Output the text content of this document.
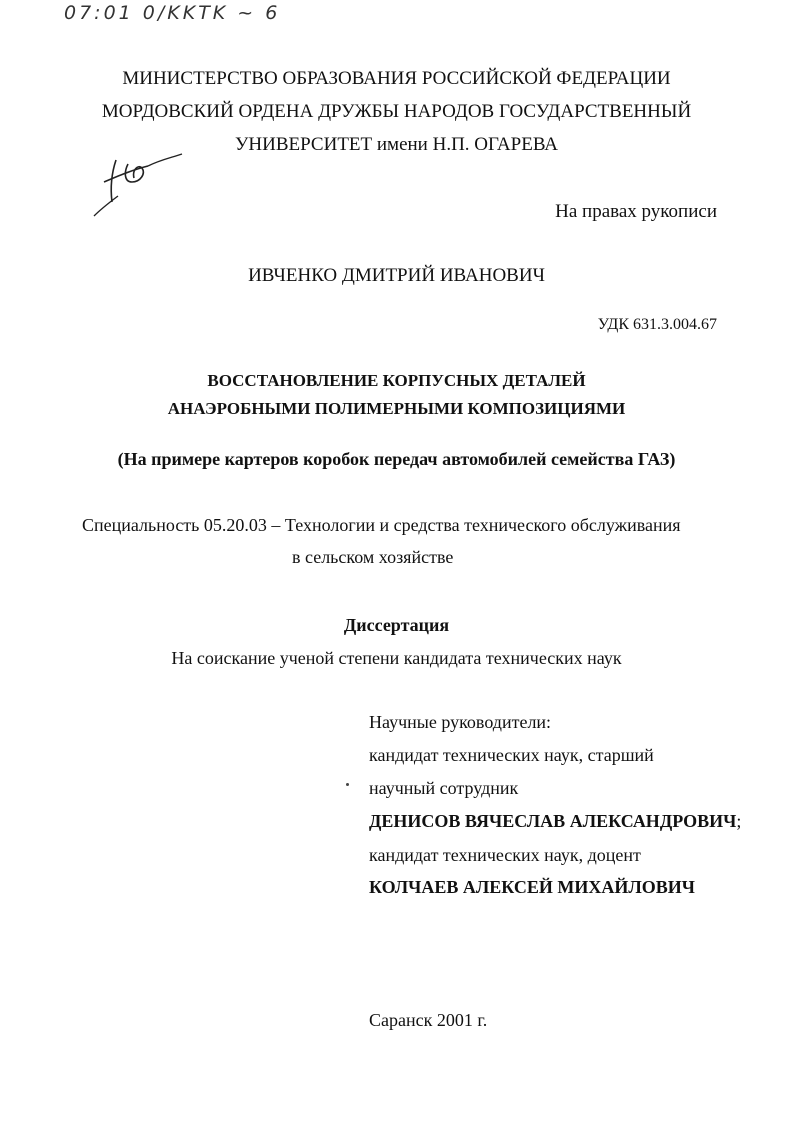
07:01 0/KKTK ~ 6
МИНИСТЕРСТВО ОБРАЗОВАНИЯ РОССИЙСКОЙ ФЕДЕРАЦИИ
МОРДОВСКИЙ ОРДЕНА ДРУЖБЫ НАРОДОВ ГОСУДАРСТВЕННЫЙ
УНИВЕРСИТЕТ имени Н.П. ОГАРЕВА
На правах рукописи
ИВЧЕНКО ДМИТРИЙ ИВАНОВИЧ
УДК 631.3.004.67
ВОССТАНОВЛЕНИЕ КОРПУСНЫХ ДЕТАЛЕЙ
АНАЭРОБНЫМИ ПОЛИМЕРНЫМИ КОМПОЗИЦИЯМИ
(На примере картеров коробок передач автомобилей семейства ГАЗ)
Специальность 05.20.03 – Технологии и средства технического обслуживания
в сельском хозяйстве
Диссертация
На соискание ученой степени кандидата технических наук
Научные руководители:
кандидат технических наук, старший
научный сотрудник
ДЕНИСОВ ВЯЧЕСЛАВ АЛЕКСАНДРОВИЧ;
кандидат технических наук, доцент
КОЛЧАЕВ АЛЕКСЕЙ МИХАЙЛОВИЧ
Саранск 2001 г.
